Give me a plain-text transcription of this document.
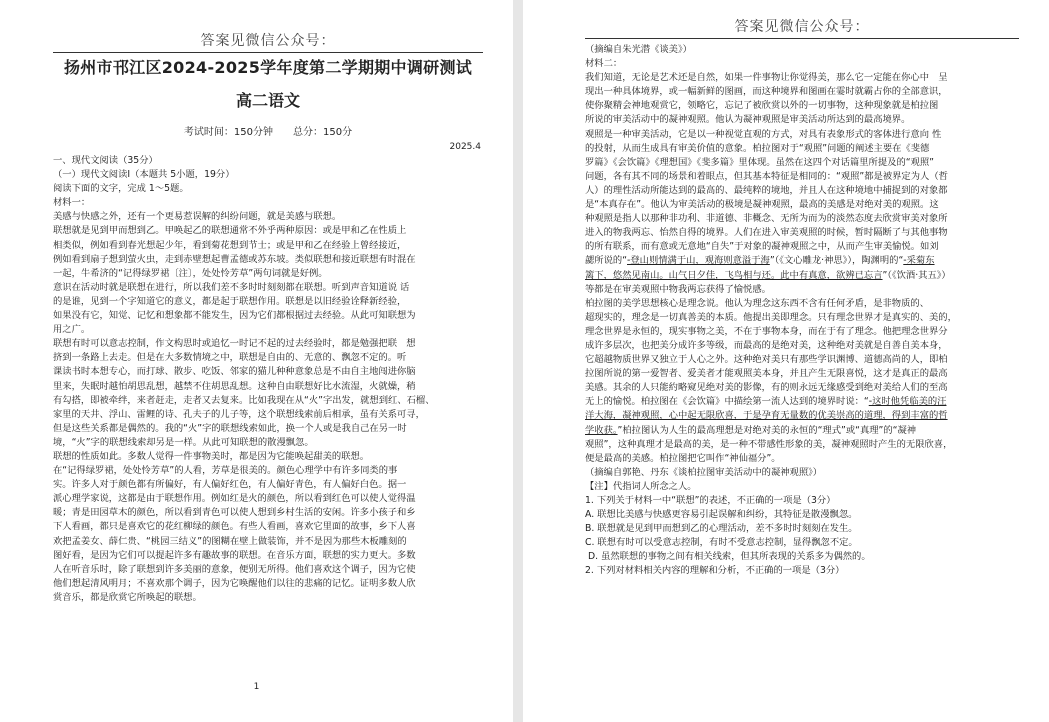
答案见微信公众号：
扬州市邗江区2024-2025学年度第二学期期中调研测试
高二语文
考试时间：150分钟　　总分：150分
2025.4
一、现代文阅读（35分）
（一）现代文阅读Ⅰ（本题共 5小题，19分）
阅读下面的文字，完成 1～5题。
材料一：
美感与快感之外，还有一个更易惹误解的纠纷问题，就是美感与联想。
联想就是见到甲而想到乙。甲唤起乙的联想通常不外乎两种原因：或是甲和乙在性质上
相类似，例如看到春光想起少年，看到菊花想到节士；或是甲和乙在经验上曾经接近，
例如看到扇子想到萤火虫，走到赤壁想起曹孟德或苏东坡。类似联想和接近联想有时混在
一起，牛希济的“记得绿罗裙〔注〕，处处怜芳草”两句词就是好例。
意识在活动时就是联想在进行，所以我们差不多时时刻刻都在联想。听到声音知道说 话
的是谁，见到一个字知道它的意义，都是起于联想作用。联想是以旧经验诠释新经验，
如果没有它，知觉、记忆和想象都不能发生，因为它们都根据过去经验。从此可知联想为
用之广。
联想有时可以意志控制，作文构思时或追忆一时记不起的过去经验时，都是勉强把联　想
挤到一条路上去走。但是在大多数情境之中，联想是自由的、无意的、飘忽不定的。听
课读书时本想专心，而打球、散步、吃饭、邻家的猫儿种种意象总是不由自主地闯进你脑
里来，失眠时越怕胡思乱想，越禁不住胡思乱想。这种自由联想好比水流湿，火就燥，稍
有勾搭，即被牵绊，来者赶走，走者又去复来。比如我现在从“火”字出发，就想到红、石榴、
家里的天井、浮山、雷鲤的诗、孔夫子的儿子等，这个联想线索前后相承，虽有关系可寻，
但是这些关系都是偶然的。我的“火”字的联想线索如此，换一个人或是我自己在另一时
境，“火”字的联想线索却另是一样。从此可知联想的散漫飘忽。
联想的性质如此。多数人觉得一件事物美时，都是因为它能唤起甜美的联想。
在“记得绿罗裙，处处怜芳草”的人看，芳草是很美的。颜色心理学中有许多同类的事
实。许多人对于颜色都有所偏好，有人偏好红色，有人偏好青色，有人偏好白色。据一
派心理学家说，这都是由于联想作用。例如红是火的颜色，所以看到红色可以使人觉得温
暖；青是田园草木的颜色，所以看到青色可以使人想到乡村生活的安闲。许多小孩子和乡
下人看画，都只是喜欢它的花红柳绿的颜色。有些人看画，喜欢它里面的故事，乡下人喜
欢把孟姜女、薛仁贵、“桃园三结义”的图糊在壁上做装饰，并不是因为那些木板雕刻的
图好看，是因为它们可以提起许多有趣故事的联想。在音乐方面，联想的实力更大。多数
人在听音乐时，除了联想到许多美丽的意象，便别无所得。他们喜欢这个调子，因为它使
他们想起清风明月；不喜欢那个调子，因为它唤醒他们以往的悲痛的记忆。证明多数人欣
赏音乐，都是欣赏它所唤起的联想。
1
答案见微信公众号：
（摘编自朱光潜《谈美》）
材料二：
我们知道，无论是艺术还是自然，如果一件事物让你觉得美，那么它一定能在你心中　呈
现出一种具体境界，或一幅新鲜的图画，而这种境界和图画在霎时就霸占你的全部意识，
使你聚精会神地观赏它，领略它，忘记了被欣赏以外的一切事物，这种现象就是柏拉图
所说的审美活动中的凝神观照。他认为凝神观照是审美活动所达到的最高境界。
观照是一种审美活动，它是以一种视觉直观的方式，对具有表象形式的客体进行意向 性
的投射，从而生成具有审美价值的意象。柏拉图对于“观照”问题的阐述主要在《斐德
罗篇》《会饮篇》《理想国》《斐多篇》里体现。虽然在这四个对话篇里所提及的“观照”
问题，各有其不同的场景和着眼点，但其基本特征是相同的：“观照”都是被界定为人（哲
人）的理性活动所能达到的最高的、最纯粹的境地，并且人在这种境地中捕捉到的对象都
是“本真存在”。他认为审美活动的极境是凝神观照，最高的美感是对绝对美的观照。这
种观照是指人以那种非功利、非道德、非概念、无所为而为的淡然态度去欣赏审美对象所
进入的物我两忘、怡然自得的境界。人们在进入审美观照的时候，暂时隔断了与其他事物
的所有联系，而有意或无意地“自失”于对象的凝神观照之中，从而产生审美愉悦。如刘
勰所说的“-登山则情满于山，观海则意溢于海”（《文心雕龙·神思》），陶渊明的“-采菊东
篱下，悠然见南山。山气日夕佳，飞鸟相与还。此中有真意，欲辨已忘言”（《饮酒·其五》）
等都是在审美观照中物我两忘获得了愉悦感。
柏拉图的美学思想核心是理念说。他认为理念这东西不含有任何矛盾，是非物质的、
超现实的，理念是一切真善美的本质。他提出美即理念。只有理念世界才是真实的、美的，
理念世界是永恒的，现实事物之美，不在于事物本身，而在于有了理念。他把理念世界分
成许多层次，也把美分成许多等级，而最高的是绝对美，这种绝对美就是自善自美本身，
它超越物质世界又独立于人心之外。这种绝对美只有那些学识渊博、道德高尚的人，即柏
拉图所说的第一爱智者、爱美者才能观照美本身，并且产生无限喜悦，这才是真正的最高
美感。其余的人只能約略窥见绝对美的影像，有的则永远无缘感受到绝对美给人们的至高
无上的愉悦。柏拉图在《会饮篇》中描绘第一流人达到的境界时说：“-这时他凭临美的汪
洋大海，凝神观照，心中起无限欣喜，于是孕育无量数的优美崇高的道理，得到丰富的哲
学收获。”柏拉图认为人生的最高理想是对绝对美的永恒的“理式”或“真理”的“凝神
观照”，这种真理才是最高的美，是一种不带感性形象的美，凝神观照时产生的无限欣喜，
便是最高的美感。柏拉图把它叫作“神仙福分”。
（摘编自郭艳、丹东《谈柏拉图审美活动中的凝神观照》）
【注】代指词人所念之人。
1. 下列关于材料一中“联想”的表述，不正确的一项是（3分）
A. 联想比美感与快感更容易引起误解和纠纷，其特征是散漫飘忽。
B. 联想就是见到甲而想到乙的心理活动，差不多时时刻刻在发生。
C. 联想有时可以受意志控制，有时不受意志控制，显得飘忽不定。
D. 虽然联想的事物之间有相关线索，但其所表现的关系多为偶然的。
2. 下列对材料相关内容的理解和分析，不正确的一项是（3分）
